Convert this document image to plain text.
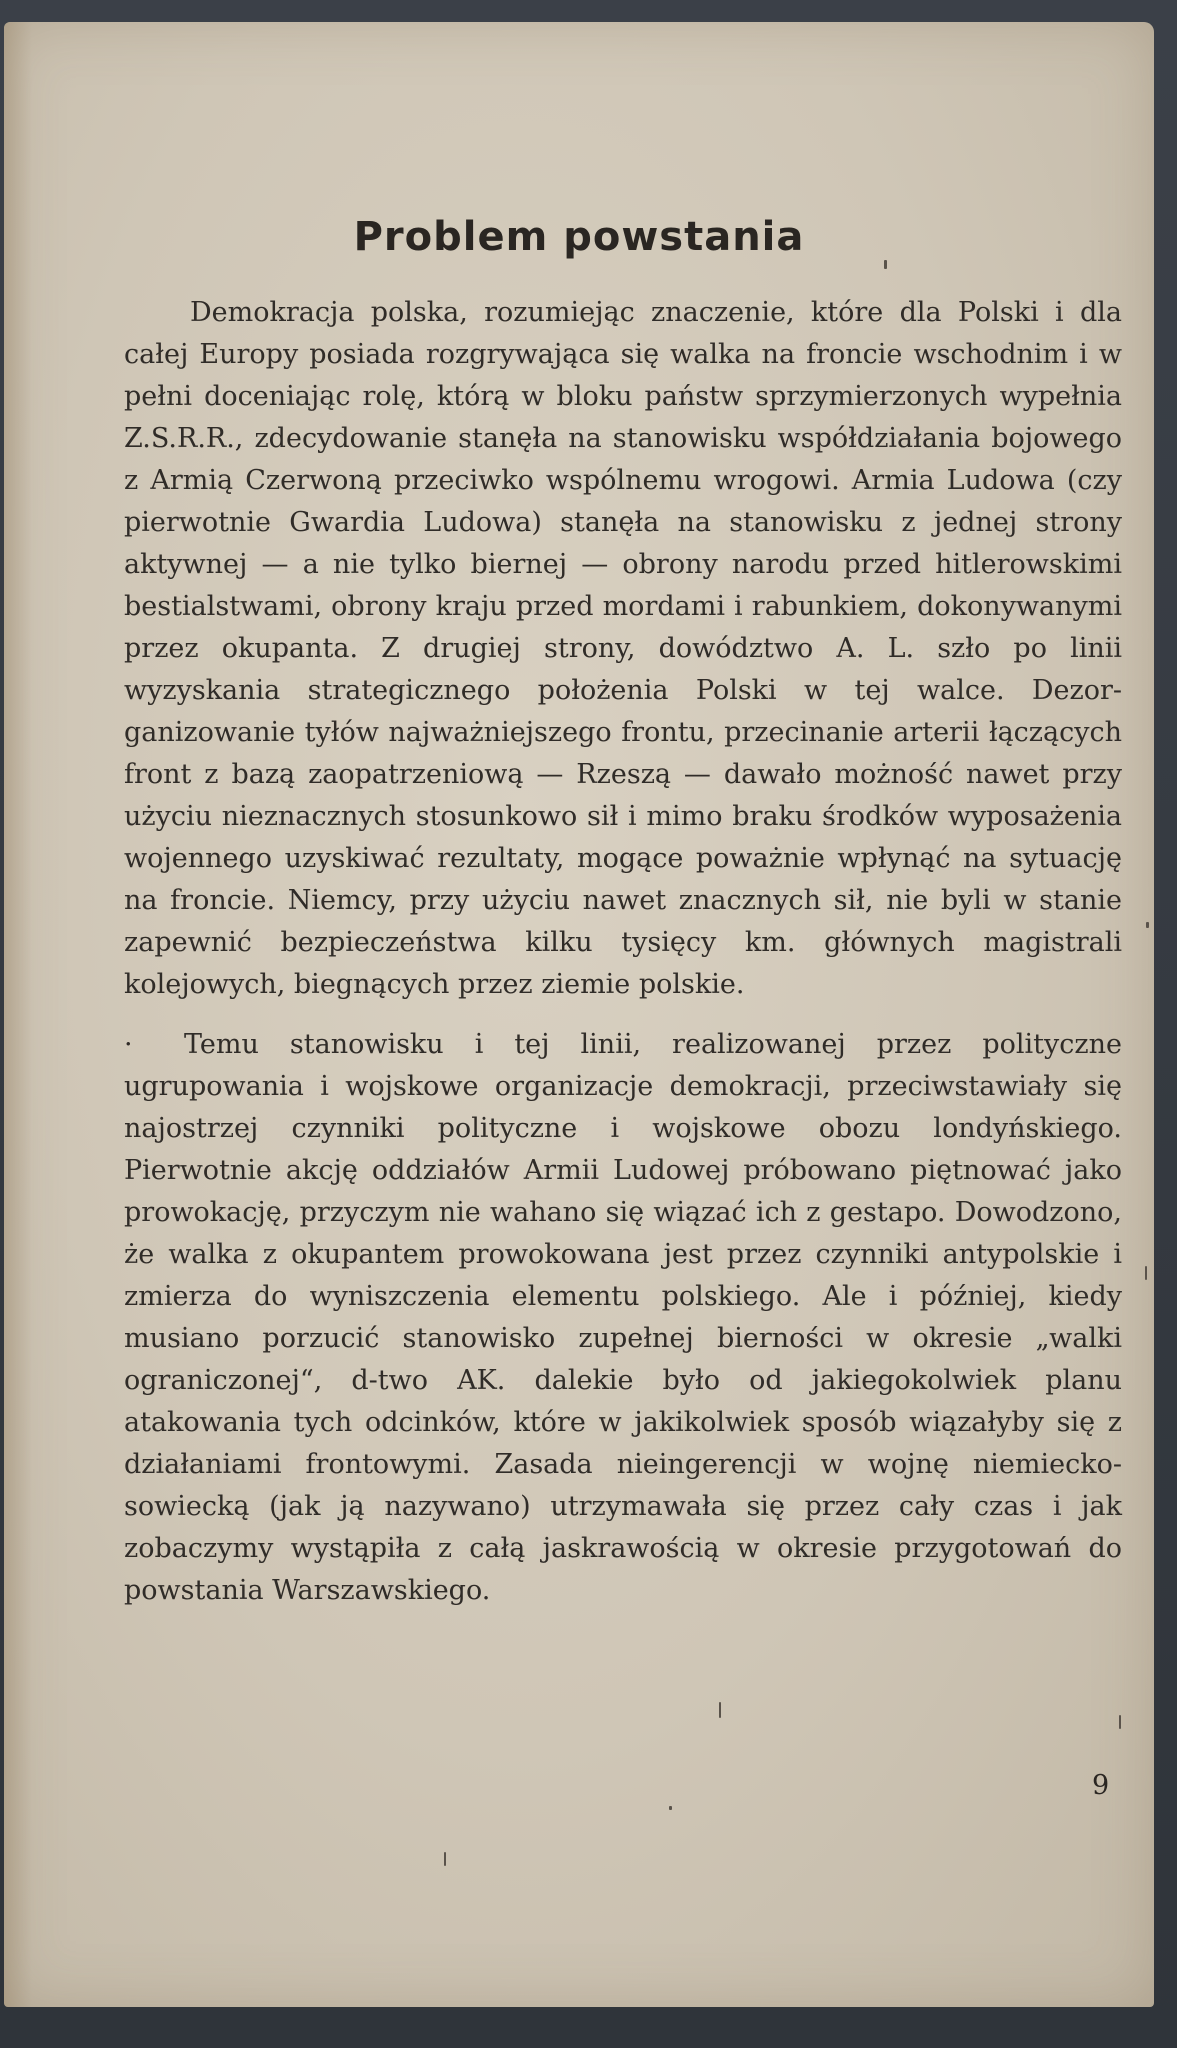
Problem powstania

Demokracja polska, rozumiejąc znaczenie, które dla Polski i dla całej Europy posiada rozgrywająca się walka na froncie wschodnim i w pełni doceniając rolę, którą w bloku państw sprzymierzonych wypełnia Z.S.R.R., zdecydowanie stanęła na stanowisku współdziałania bojowego z Armią Czerwoną przeciwko wspólnemu wrogowi. Armia Ludowa (czy pierwotnie Gwardia Ludowa) stanęła na stanowisku z jednej strony aktywnej — a nie tylko biernej — obrony narodu przed hitlerowskimi bestialstwami, obrony kraju przed mordami i rabunkiem, dokonywanymi przez okupanta. Z drugiej strony, dowództwo A. L. szło po linii wyzyskania strategicznego położenia Polski w tej walce. Dezorganizowanie tyłów najważniejszego frontu, przecinanie arterii łączących front z bazą zaopatrzeniową — Rzeszą — dawało możność nawet przy użyciu nieznacznych stosunkowo sił i mimo braku środków wyposażenia wojennego uzyskiwać rezultaty, mogące poważnie wpłynąć na sytuację na froncie. Niemcy, przy użyciu nawet znacznych sił, nie byli w stanie zapewnić bezpieczeństwa kilku tysięcy km. głównych magistrali kolejowych, biegnących przez ziemie polskie.

· Temu stanowisku i tej linii, realizowanej przez polityczne ugrupowania i wojskowe organizacje demokracji, przeciwstawiały się najostrzej czynniki polityczne i wojskowe obozu londyńskiego. Pierwotnie akcję oddziałów Armii Ludowej próbowano piętnować jako prowokację, przyczym nie wahano się wiązać ich z gestapo. Dowodzono, że walka z okupantem prowokowana jest przez czynniki antypolskie i zmierza do wyniszczenia elementu polskiego. Ale i później, kiedy musiano porzucić stanowisko zupełnej bierności w okresie „walki ograniczonej“, d-two AK. dalekie było od jakiegokolwiek planu atakowania tych odcinków, które w jakikolwiek sposób wiązałyby się z działaniami frontowymi. Zasada nieingerencji w wojnę niemiecko-sowiecką (jak ją nazywano) utrzymawała się przez cały czas i jak zobaczymy wystąpiła z całą jaskrawością w okresie przygotowań do powstania Warszawskiego.

9
